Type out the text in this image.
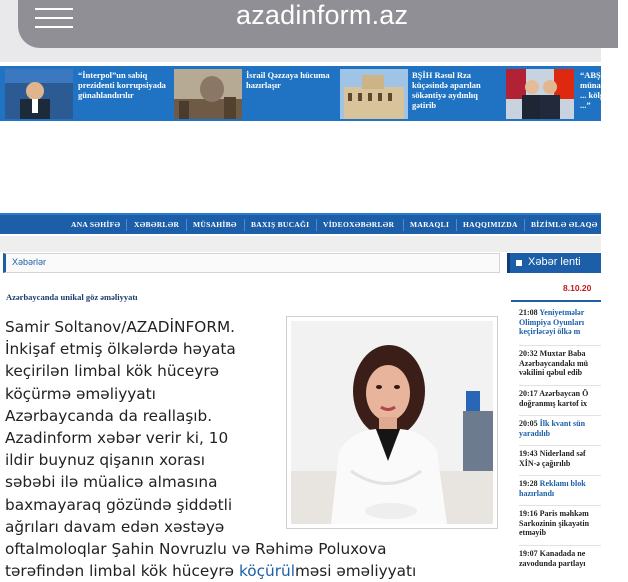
azadinform.az
“İnterpol”un sabiq prezidenti korrupsiyada günahlandırılır
İsrail Qəzzaya hücuma hazırlaşır
BŞİH Rəsul Rza küçəsində aparılan sökəntiyə aydınlıq gətirib
“ABŞ ... münasibətlər ... kölgə ...”
ANA SƏHİFƏ XƏBƏRLƏR MÜSAHİBƏ BAXIŞ BUCAĞI VİDEOXƏBƏRLƏR MARAQLI HAQQIMIZDA BİZİMLƏ ƏLAQƏ
Xəbərlər
Azərbaycanda unikal göz əməliyyatı
Samir Soltanov/AZADİNFORM.
İnkişaf etmiş ölkələrdə həyata
keçirilən limbal kök hüceyrə
köçürmə əməliyyatı
Azərbaycanda da reallaşıb.
Azadinform xəbər verir ki, 10
ildir buynuz qişanın xorası
səbəbi ilə müalicə almasına
baxmayaraq gözündə şiddətli
ağrıları davam edən xəstəyə
oftalmoloqlar Şahin Novruzlu və Rəhimə Poluxova
tərəfindən limbal kök hüceyrə köçürülməsi əməliyyatı
Xəbər lenti
8.10.20
21:08 Yeniyetmələr Olimpiya Oyunları keçirləcəyi ölkə m
20:32 Muxtar Baba Azərbaycandakı mü vəkilini qəbul edib
20:17 Azərbaycan Ö doğranmış kartof ix
20:05 İlk kvant sün yaradılıb
19:43 Niderland səf XİN-ə çağırılıb
19:28 Reklamı blok hazırlandı
19:16 Paris məhkəm Sarkozinin şikayətin etməyib
19:07 Kanadada ne zavodunda partlayı
